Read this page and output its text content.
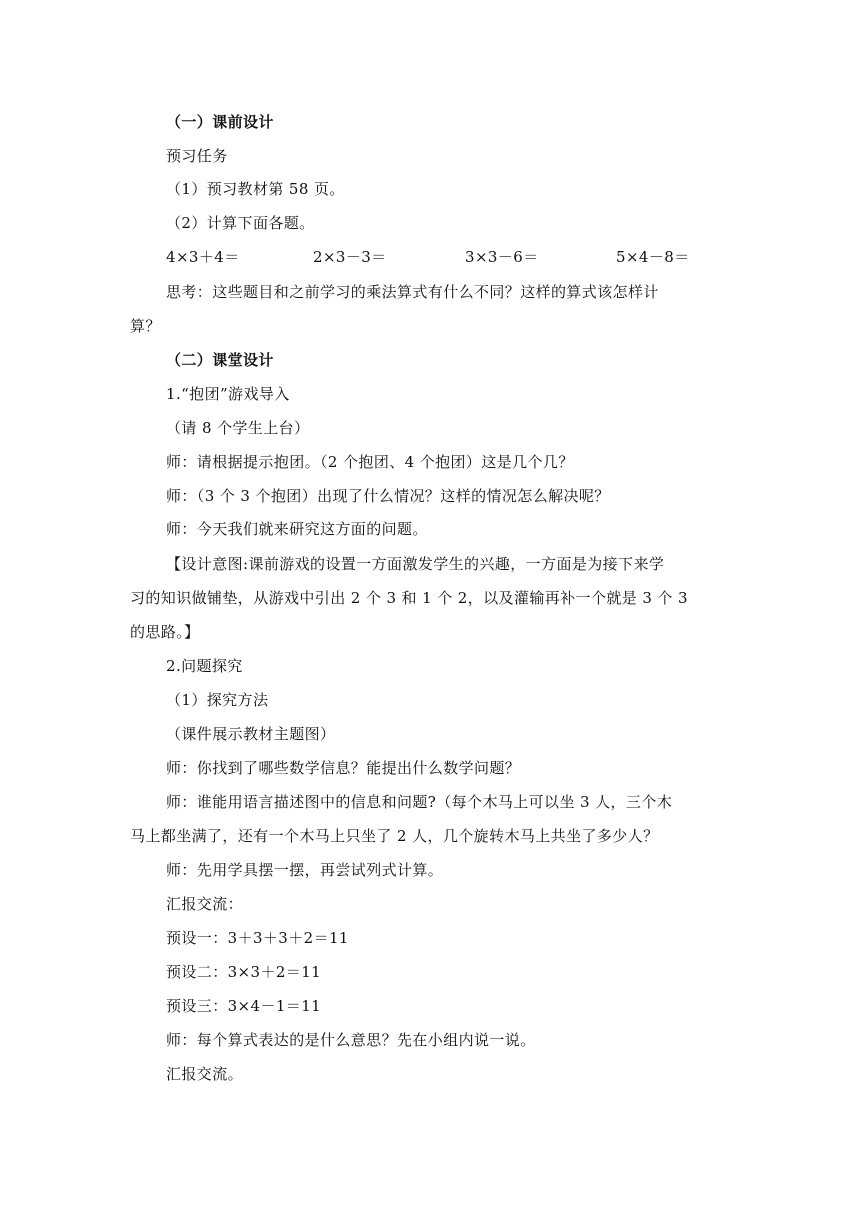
（一）课前设计
预习任务
（1）预习教材第 58 页。
（2）计算下面各题。
4×3＋4＝	2×3－3＝	3×3－6＝	5×4－8＝
思考：这些题目和之前学习的乘法算式有什么不同？这样的算式该怎样计
算？
（二）课堂设计
1.“抱团”游戏导入
（请 8 个学生上台）
师：请根据提示抱团。（2 个抱团、4 个抱团）这是几个几？
师：（3 个 3 个抱团）出现了什么情况？这样的情况怎么解决呢？
师：今天我们就来研究这方面的问题。
【设计意图:课前游戏的设置一方面激发学生的兴趣，一方面是为接下来学
习的知识做铺垫，从游戏中引出 2 个 3 和 1 个 2，以及灌输再补一个就是 3 个 3
的思路。】
2.问题探究
（1）探究方法
（课件展示教材主题图）
师：你找到了哪些数学信息？能提出什么数学问题？
师：谁能用语言描述图中的信息和问题?（每个木马上可以坐 3 人，三个木
马上都坐满了，还有一个木马上只坐了 2 人，几个旋转木马上共坐了多少人？
师：先用学具摆一摆，再尝试列式计算。
汇报交流：
预设一：3＋3＋3＋2＝11
预设二：3×3＋2＝11
预设三：3×4－1＝11
师：每个算式表达的是什么意思？先在小组内说一说。
汇报交流。
